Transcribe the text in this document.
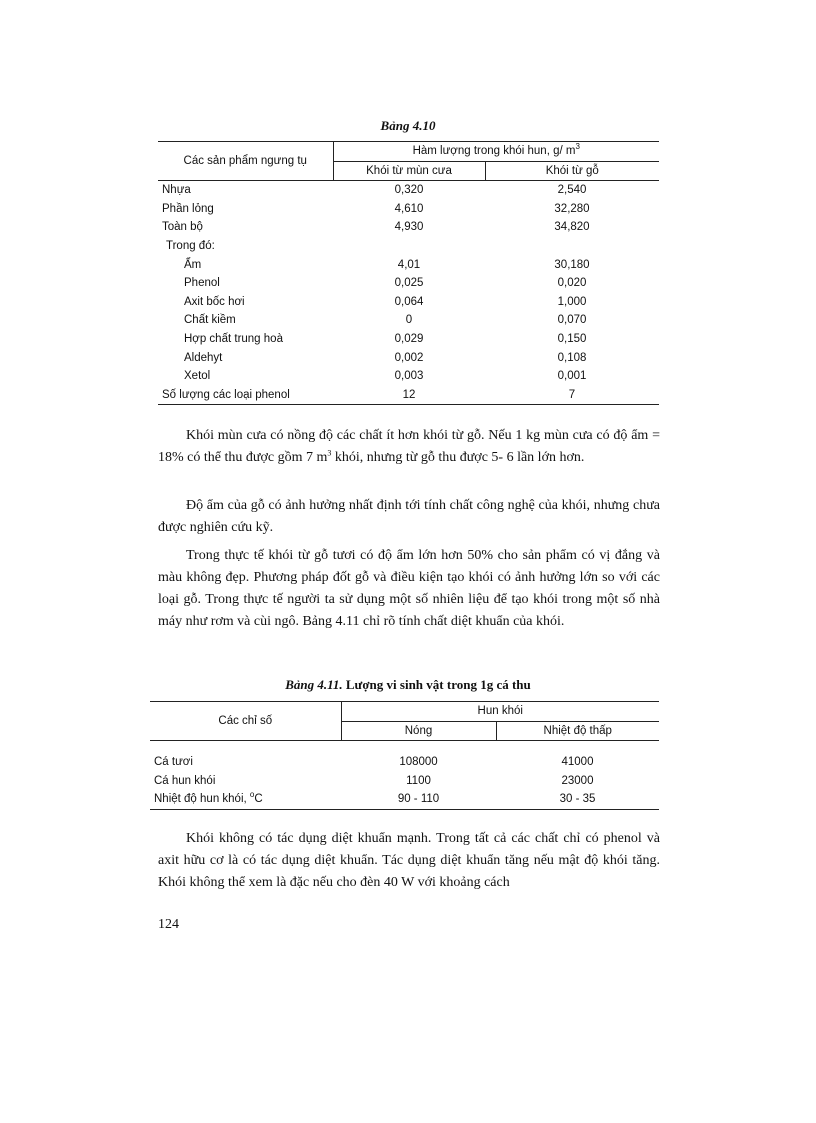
Bảng 4.10
Các sản phẩm ngưng tụ	Hàm lượng trong khói hun, g/ $m^3$
	Khói từ mùn cưa	Khói từ gỗ
Nhựa	0,320	2,540
Phần lỏng	4,610	32,280
Toàn bộ	4,930	34,820
Trong đó:		
Ẩm	4,01	30,180
Phenol	0,025	0,020
Axit bốc hơi	0,064	1,000
Chất kiềm	0	0,070
Hợp chất trung hoà	0,029	0,150
Aldehyt	0,002	0,108
Xetol	0,003	0,001
Số lượng các loại phenol	12	7

Khói mùn cưa có nồng độ các chất ít hơn khói từ gỗ. Nếu 1 kg mùn cưa có độ ẩm = 18% có thể thu được gồm 7 $m^3$ khói, nhưng từ gỗ thu được 5- 6 lần lớn hơn.

Độ ẩm của gỗ có ảnh hưởng nhất định tới tính chất công nghệ của khói, nhưng chưa được nghiên cứu kỹ.

Trong thực tế khói từ gỗ tươi có độ ẩm lớn hơn 50% cho sản phẩm có vị đắng và màu không đẹp. Phương pháp đốt gỗ và điều kiện tạo khói có ảnh hưởng lớn so với các loại gỗ. Trong thực tế người ta sử dụng một số nhiên liệu để tạo khói trong một số nhà máy như rơm và cùi ngô. Bảng 4.11 chỉ rõ tính chất diệt khuẩn của khói.

Bảng 4.11. Lượng vi sinh vật trong 1g cá thu
Các chỉ số	Hun khói	
	Nóng	Nhiệt độ thấp

Cá tươi	108000	41000
Cá hun khói	1100	23000
Nhiệt độ hun khói, $^o$C	90 - 110	30 - 35

Khói không có tác dụng diệt khuẩn mạnh. Trong tất cả các chất chỉ có phenol và axit hữu cơ là có tác dụng diệt khuẩn. Tác dụng diệt khuẩn tăng nếu mật độ khói tăng. Khói không thể xem là đặc nếu cho đèn 40 W với khoảng cách

124
